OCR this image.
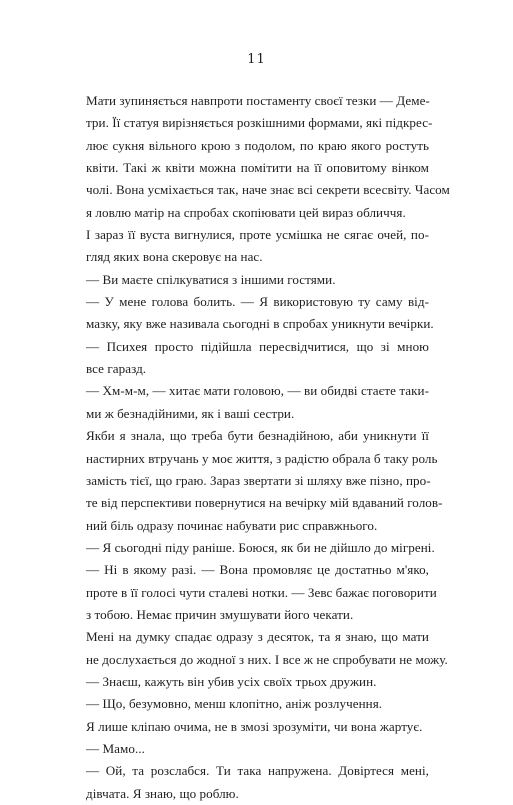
11
Мати зупиняється навпроти постаменту своєї тезки — Деме-
три. Її статуя вирізняється розкішними формами, які підкрес-
лює сукня вільного крою з подолом, по краю якого ростуть
квіти. Такі ж квіти можна помітити на її оповитому вінком
чолі. Вона усміхається так, наче знає всі секрети всесвіту. Часом
я ловлю матір на спробах скопіювати цей вираз обличчя.
І зараз її вуста вигнулися, проте усмішка не сягає очей, по-
гляд яких вона скеровує на нас.
— Ви маєте спілкуватися з іншими гостями.
— У мене голова болить. — Я використовую ту саму від-
мазку, яку вже називала сьогодні в спробах уникнути вечірки.
— Психея просто підійшла пересвідчитися, що зі мною
все гаразд.
— Хм-м-м, — хитає мати головою, — ви обидві стаєте таки-
ми ж безнадійними, як і ваші сестри.
Якби я знала, що треба бути безнадійною, аби уникнути її
настирних втручань у моє життя, з радістю обрала б таку роль
замість тієї, що граю. Зараз звертати зі шляху вже пізно, про-
те від перспективи повернутися на вечірку мій вдаваний голов-
ний біль одразу починає набувати рис справжнього.
— Я сьогодні піду раніше. Боюся, як би не дійшло до мігрені.
— Ні в якому разі. — Вона промовляє це достатньо м'яко,
проте в її голосі чути сталеві нотки. — Зевс бажає поговорити
з тобою. Немає причин змушувати його чекати.
Мені на думку спадає одразу з десяток, та я знаю, що мати
не дослухається до жодної з них. І все ж не спробувати не можу.
— Знаєш, кажуть він убив усіх своїх трьох дружин.
— Що, безумовно, менш клопітно, аніж розлучення.
Я лише кліпаю очима, не в змозі зрозуміти, чи вона жартує.
— Мамо...
— Ой, та розслабся. Ти така напружена. Довіртеся мені,
дівчата. Я знаю, що роблю.
